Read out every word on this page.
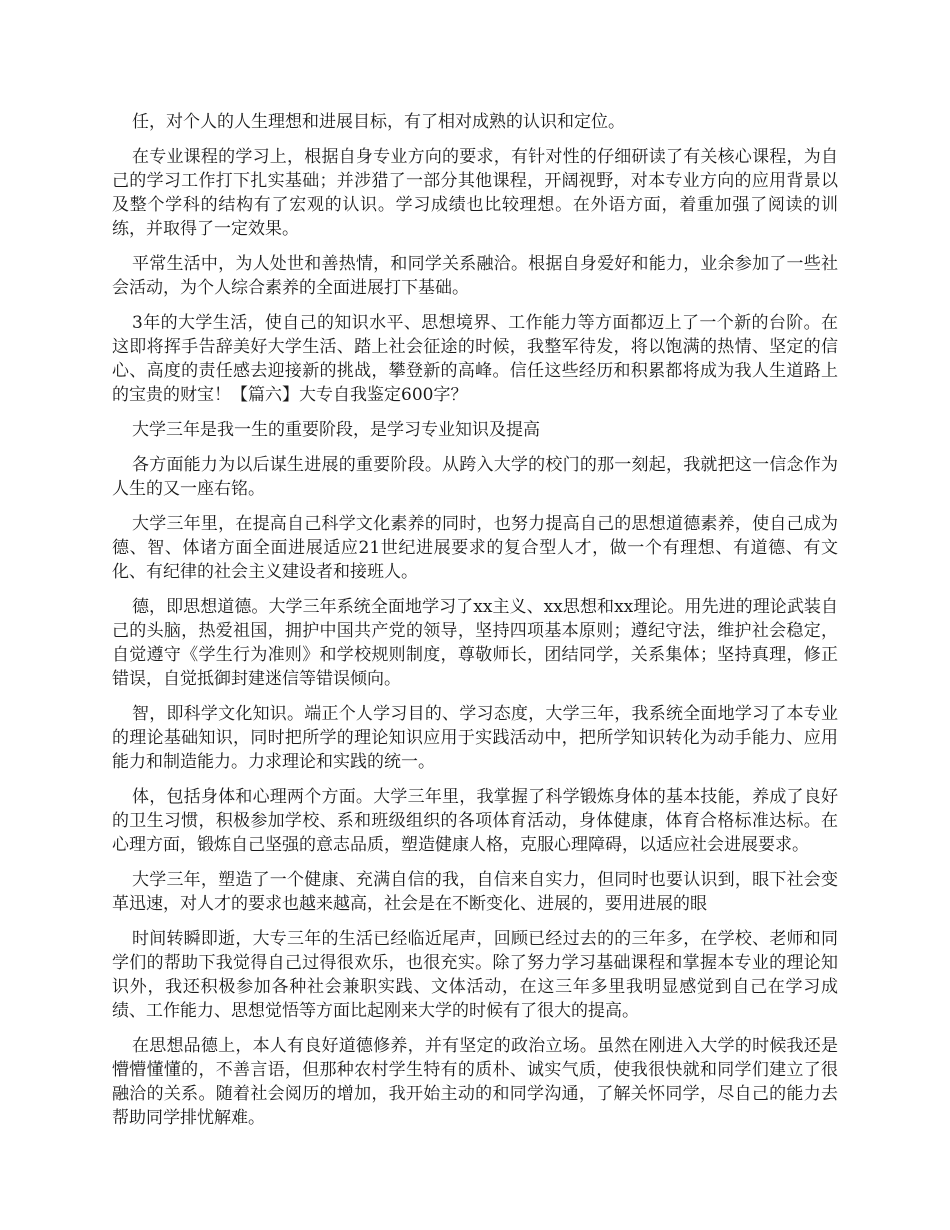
任，对个人的人生理想和进展目标，有了相对成熟的认识和定位。

在专业课程的学习上，根据自身专业方向的要求，有针对性的仔细研读了有关核心课程，为自己的学习工作打下扎实基础；并涉猎了一部分其他课程，开阔视野，对本专业方向的应用背景以及整个学科的结构有了宏观的认识。学习成绩也比较理想。在外语方面，着重加强了阅读的训练，并取得了一定效果。

平常生活中，为人处世和善热情，和同学关系融洽。根据自身爱好和能力，业余参加了一些社会活动，为个人综合素养的全面进展打下基础。

3年的大学生活，使自己的知识水平、思想境界、工作能力等方面都迈上了一个新的台阶。在这即将挥手告辞美好大学生活、踏上社会征途的时候，我整军待发，将以饱满的热情、坚定的信心、高度的责任感去迎接新的挑战，攀登新的高峰。信任这些经历和积累都将成为我人生道路上的宝贵的财宝！【篇六】大专自我鉴定600字？

大学三年是我一生的重要阶段，是学习专业知识及提高

各方面能力为以后谋生进展的重要阶段。从跨入大学的校门的那一刻起，我就把这一信念作为人生的又一座右铭。

大学三年里，在提高自己科学文化素养的同时，也努力提高自己的思想道德素养，使自己成为德、智、体诸方面全面进展适应21世纪进展要求的复合型人才，做一个有理想、有道德、有文化、有纪律的社会主义建设者和接班人。

德，即思想道德。大学三年系统全面地学习了xx主义、xx思想和xx理论。用先进的理论武装自己的头脑，热爱祖国，拥护中国共产党的领导，坚持四项基本原则；遵纪守法，维护社会稳定，自觉遵守《学生行为准则》和学校规则制度，尊敬师长，团结同学，关系集体；坚持真理，修正错误，自觉抵御封建迷信等错误倾向。

智，即科学文化知识。端正个人学习目的、学习态度，大学三年，我系统全面地学习了本专业的理论基础知识，同时把所学的理论知识应用于实践活动中，把所学知识转化为动手能力、应用能力和制造能力。力求理论和实践的统一。

体，包括身体和心理两个方面。大学三年里，我掌握了科学锻炼身体的基本技能，养成了良好的卫生习惯，积极参加学校、系和班级组织的各项体育活动，身体健康，体育合格标准达标。在心理方面，锻炼自己坚强的意志品质，塑造健康人格，克服心理障碍，以适应社会进展要求。

大学三年，塑造了一个健康、充满自信的我，自信来自实力，但同时也要认识到，眼下社会变革迅速，对人才的要求也越来越高，社会是在不断变化、进展的，要用进展的眼

时间转瞬即逝，大专三年的生活已经临近尾声，回顾已经过去的的三年多，在学校、老师和同学们的帮助下我觉得自己过得很欢乐，也很充实。除了努力学习基础课程和掌握本专业的理论知识外，我还积极参加各种社会兼职实践、文体活动，在这三年多里我明显感觉到自己在学习成绩、工作能力、思想觉悟等方面比起刚来大学的时候有了很大的提高。

在思想品德上，本人有良好道德修养，并有坚定的政治立场。虽然在刚进入大学的时候我还是懵懵懂懂的，不善言语，但那种农村学生特有的质朴、诚实气质，使我很快就和同学们建立了很融洽的关系。随着社会阅历的增加，我开始主动的和同学沟通，了解关怀同学，尽自己的能力去帮助同学排忧解难。
